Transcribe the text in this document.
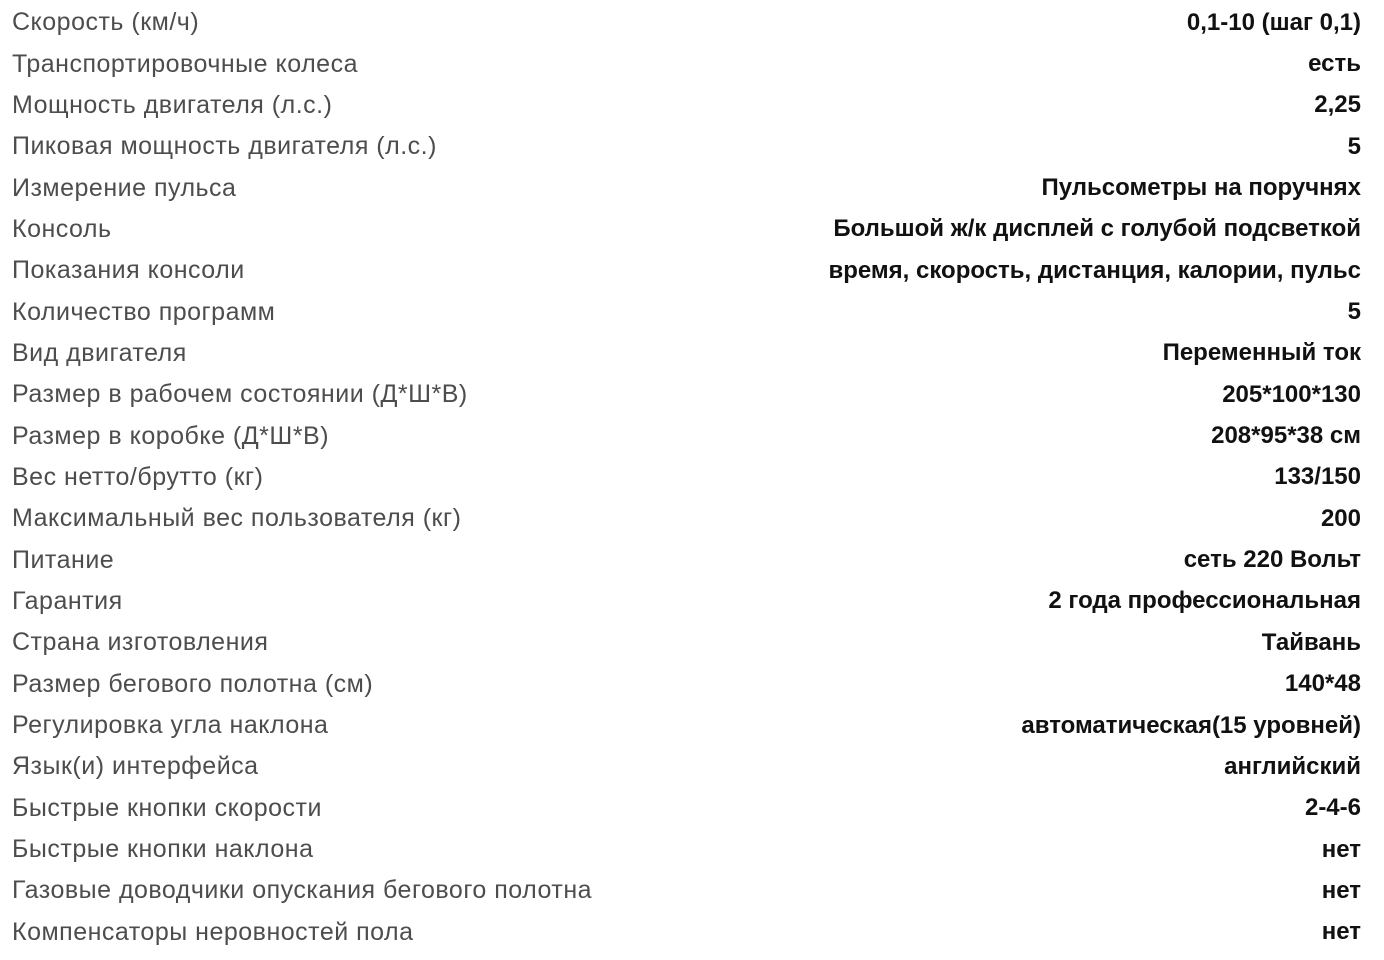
Скорость (км/ч)	0,1-10 (шаг 0,1)
Транспортировочные колеса	есть
Мощность двигателя (л.с.)	2,25
Пиковая мощность двигателя (л.с.)	5
Измерение пульса	Пульсометры на поручнях
Консоль	Большой ж/к дисплей с голубой подсветкой
Показания консоли	время, скорость, дистанция, калории, пульс
Количество программ	5
Вид двигателя	Переменный ток
Размер в рабочем состоянии (Д*Ш*В)	205*100*130
Размер в коробке (Д*Ш*В)	208*95*38 см
Вес нетто/брутто (кг)	133/150
Максимальный вес пользователя (кг)	200
Питание	сеть 220 Вольт
Гарантия	2 года профессиональная
Страна изготовления	Тайвань
Размер бегового полотна (см)	140*48
Регулировка угла наклона	автоматическая(15 уровней)
Язык(и) интерфейса	английский
Быстрые кнопки скорости	2-4-6
Быстрые кнопки наклона	нет
Газовые доводчики опускания бегового полотна	нет
Компенсаторы неровностей пола	нет
